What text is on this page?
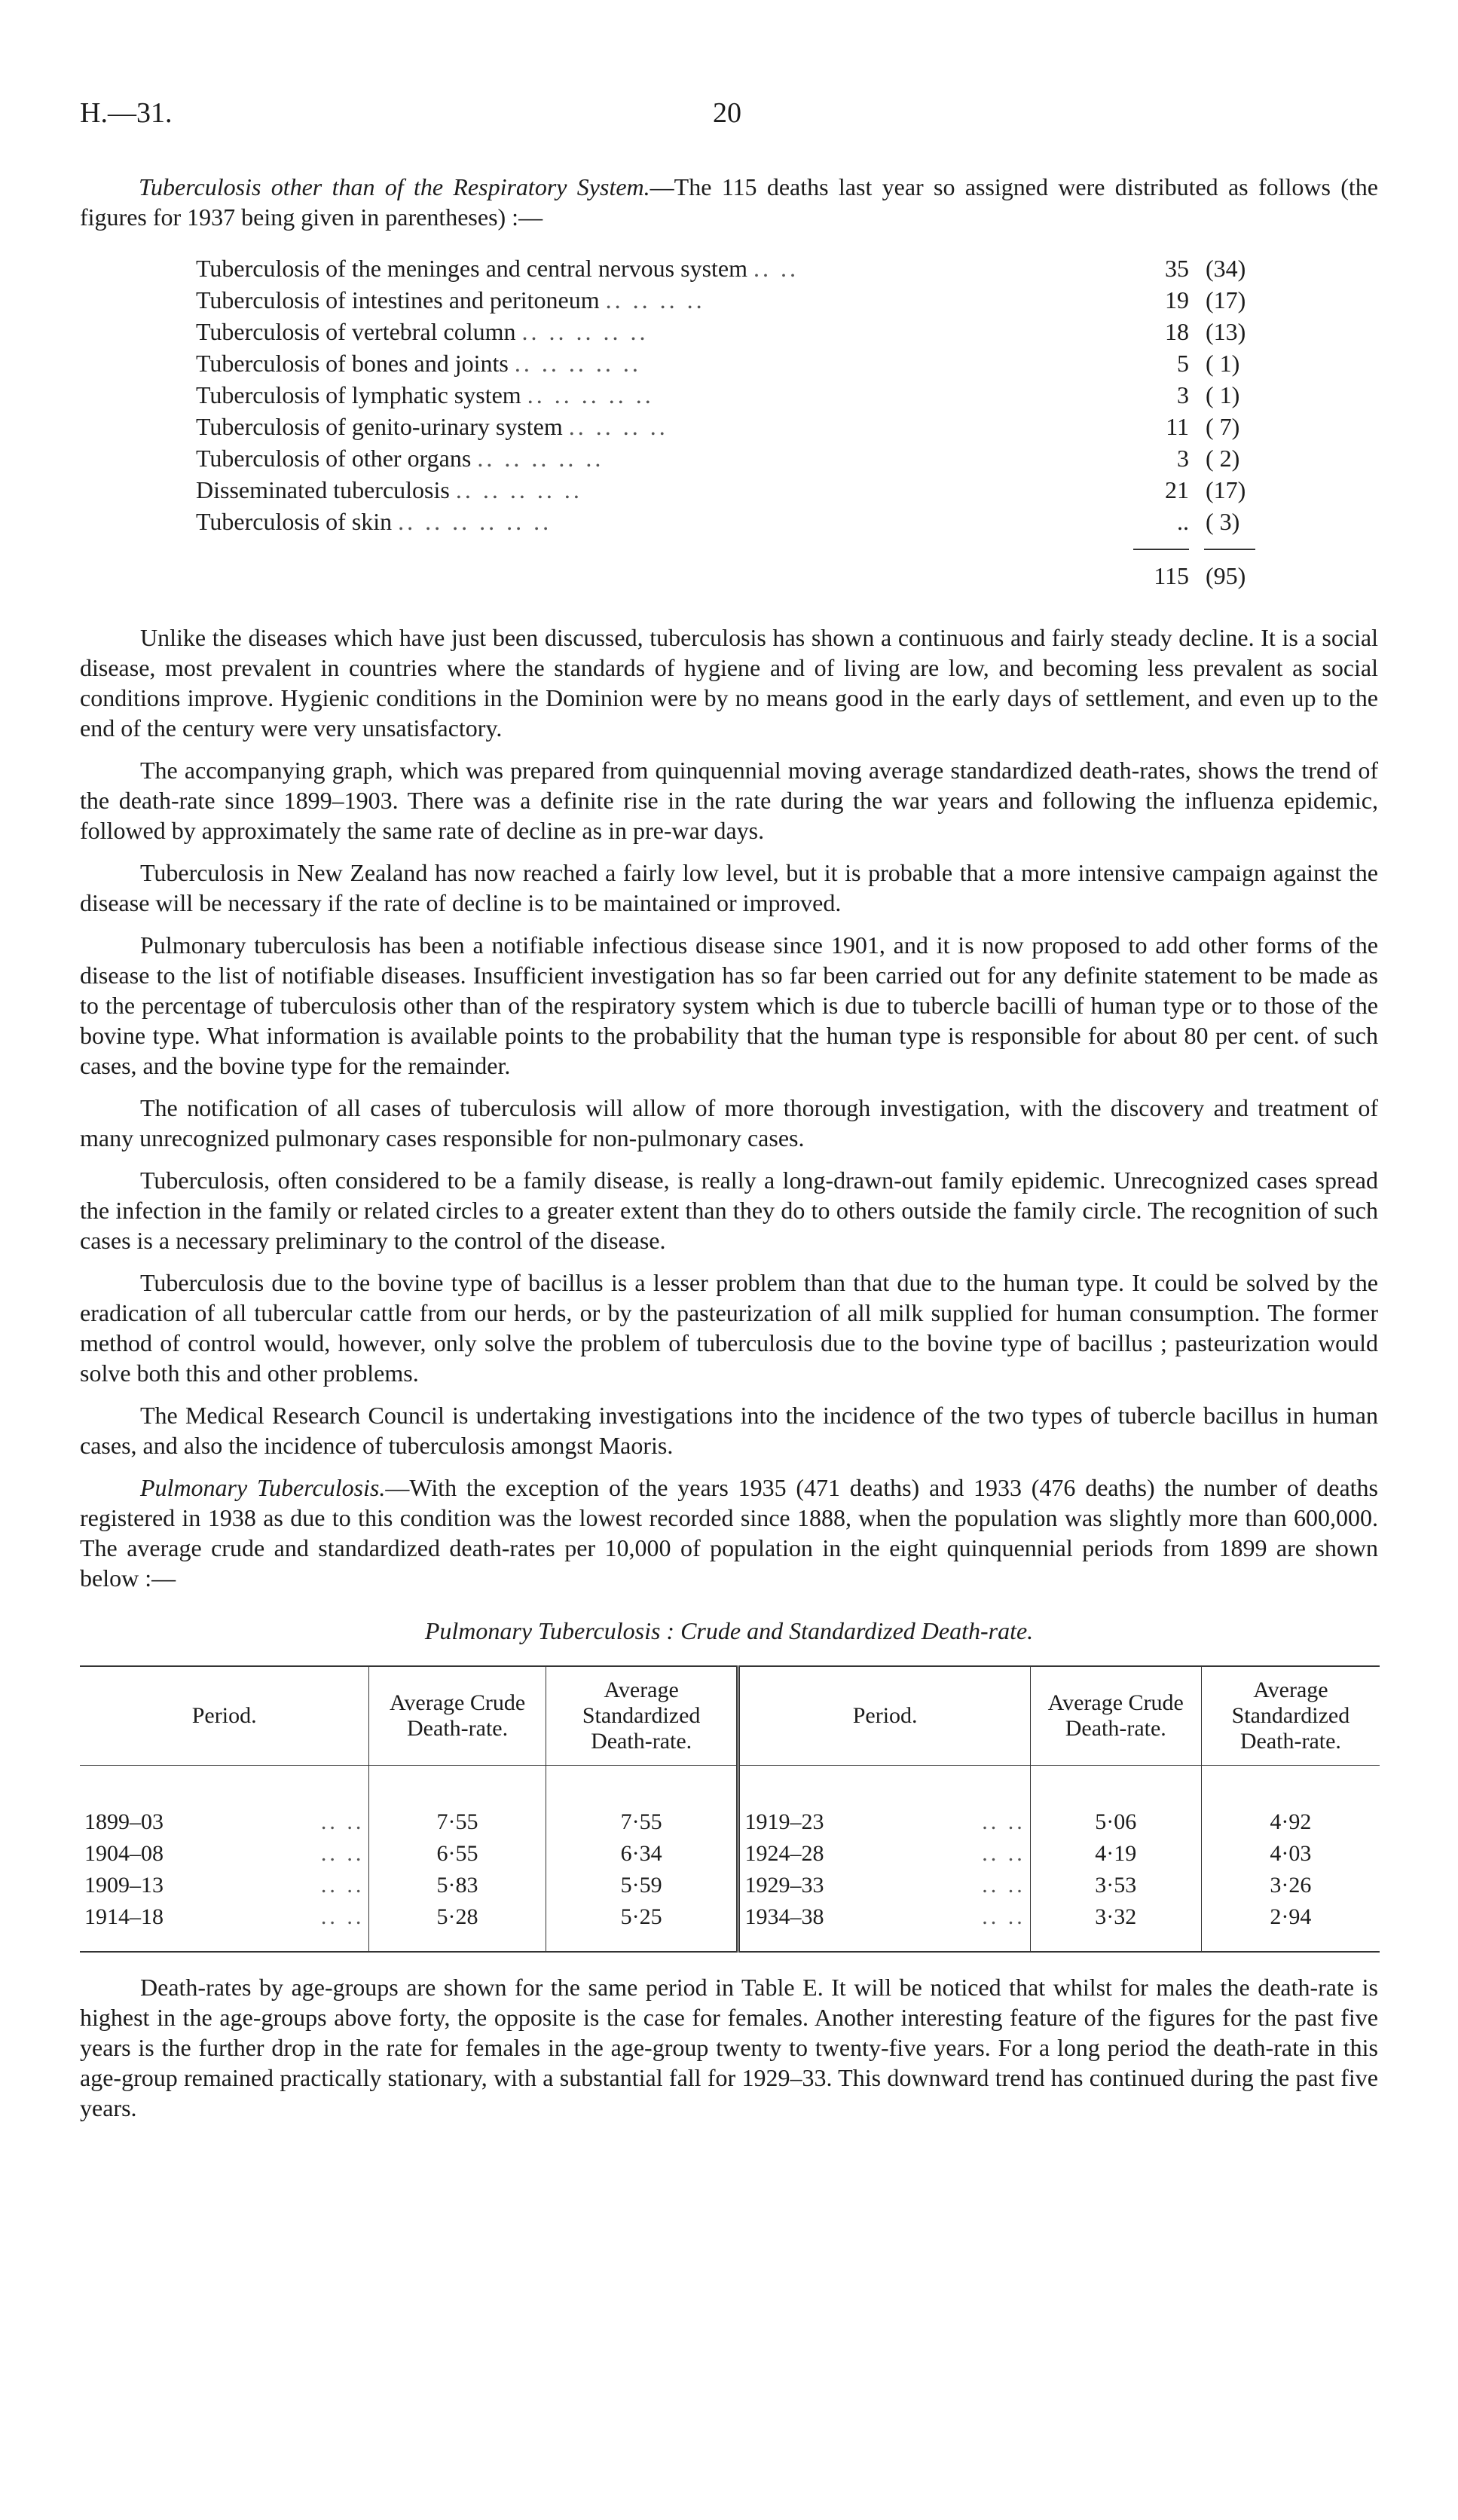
H.—31.	20

Tuberculosis other than of the Respiratory System.—The 115 deaths last year so assigned were distributed as follows (the figures for 1937 being given in parentheses) :—

Tuberculosis of the meninges and central nervous system .. ..	35 (34)
Tuberculosis of intestines and peritoneum .. .. .. ..	19 (17)
Tuberculosis of vertebral column .. .. .. .. ..	18 (13)
Tuberculosis of bones and joints .. .. .. .. ..	5 ( 1)
Tuberculosis of lymphatic system .. .. .. .. ..	3 ( 1)
Tuberculosis of genito-urinary system .. .. .. ..	11 ( 7)
Tuberculosis of other organs .. .. .. .. ..	3 ( 2)
Disseminated tuberculosis .. .. .. .. ..	21 (17)
Tuberculosis of skin .. .. .. .. .. ..	.. ( 3)
115 (95)

Unlike the diseases which have just been discussed, tuberculosis has shown a continuous and fairly steady decline. It is a social disease, most prevalent in countries where the standards of hygiene and of living are low, and becoming less prevalent as social conditions improve. Hygienic conditions in the Dominion were by no means good in the early days of settlement, and even up to the end of the century were very unsatisfactory.

The accompanying graph, which was prepared from quinquennial moving average standardized death-rates, shows the trend of the death-rate since 1899–1903. There was a definite rise in the rate during the war years and following the influenza epidemic, followed by approximately the same rate of decline as in pre-war days.

Tuberculosis in New Zealand has now reached a fairly low level, but it is probable that a more intensive campaign against the disease will be necessary if the rate of decline is to be maintained or improved.

Pulmonary tuberculosis has been a notifiable infectious disease since 1901, and it is now proposed to add other forms of the disease to the list of notifiable diseases. Insufficient investigation has so far been carried out for any definite statement to be made as to the percentage of tuberculosis other than of the respiratory system which is due to tubercle bacilli of human type or to those of the bovine type. What information is available points to the probability that the human type is responsible for about 80 per cent. of such cases, and the bovine type for the remainder.

The notification of all cases of tuberculosis will allow of more thorough investigation, with the discovery and treatment of many unrecognized pulmonary cases responsible for non-pulmonary cases.

Tuberculosis, often considered to be a family disease, is really a long-drawn-out family epidemic. Unrecognized cases spread the infection in the family or related circles to a greater extent than they do to others outside the family circle. The recognition of such cases is a necessary preliminary to the control of the disease.

Tuberculosis due to the bovine type of bacillus is a lesser problem than that due to the human type. It could be solved by the eradication of all tubercular cattle from our herds, or by the pasteurization of all milk supplied for human consumption. The former method of control would, however, only solve the problem of tuberculosis due to the bovine type of bacillus ; pasteurization would solve both this and other problems.

The Medical Research Council is undertaking investigations into the incidence of the two types of tubercle bacillus in human cases, and also the incidence of tuberculosis amongst Maoris.

Pulmonary Tuberculosis.—With the exception of the years 1935 (471 deaths) and 1933 (476 deaths) the number of deaths registered in 1938 as due to this condition was the lowest recorded since 1888, when the population was slightly more than 600,000. The average crude and standardized death-rates per 10,000 of population in the eight quinquennial periods from 1899 are shown below :—

Pulmonary Tuberculosis : Crude and Standardized Death-rate.

Period.	Average Crude Death-rate.	Average Standardized Death-rate.	Period.	Average Crude Death-rate.	Average Standardized Death-rate.

1899–03 .. ..	7·55	7·55	1919–23 .. ..	5·06	4·92

1904–08 .. ..	6·55	6·34	1924–28 .. ..	4·19	4·03

1909–13 .. ..	5·83	5·59	1929–33 .. ..	3·53	3·26

1914–18 .. ..	5·28	5·25	1934–38 .. ..	3·32	2·94

Death-rates by age-groups are shown for the same period in Table E. It will be noticed that whilst for males the death-rate is highest in the age-groups above forty, the opposite is the case for females. Another interesting feature of the figures for the past five years is the further drop in the rate for females in the age-group twenty to twenty-five years. For a long period the death-rate in this age-group remained practically stationary, with a substantial fall for 1929–33. This downward trend has continued during the past five years.
